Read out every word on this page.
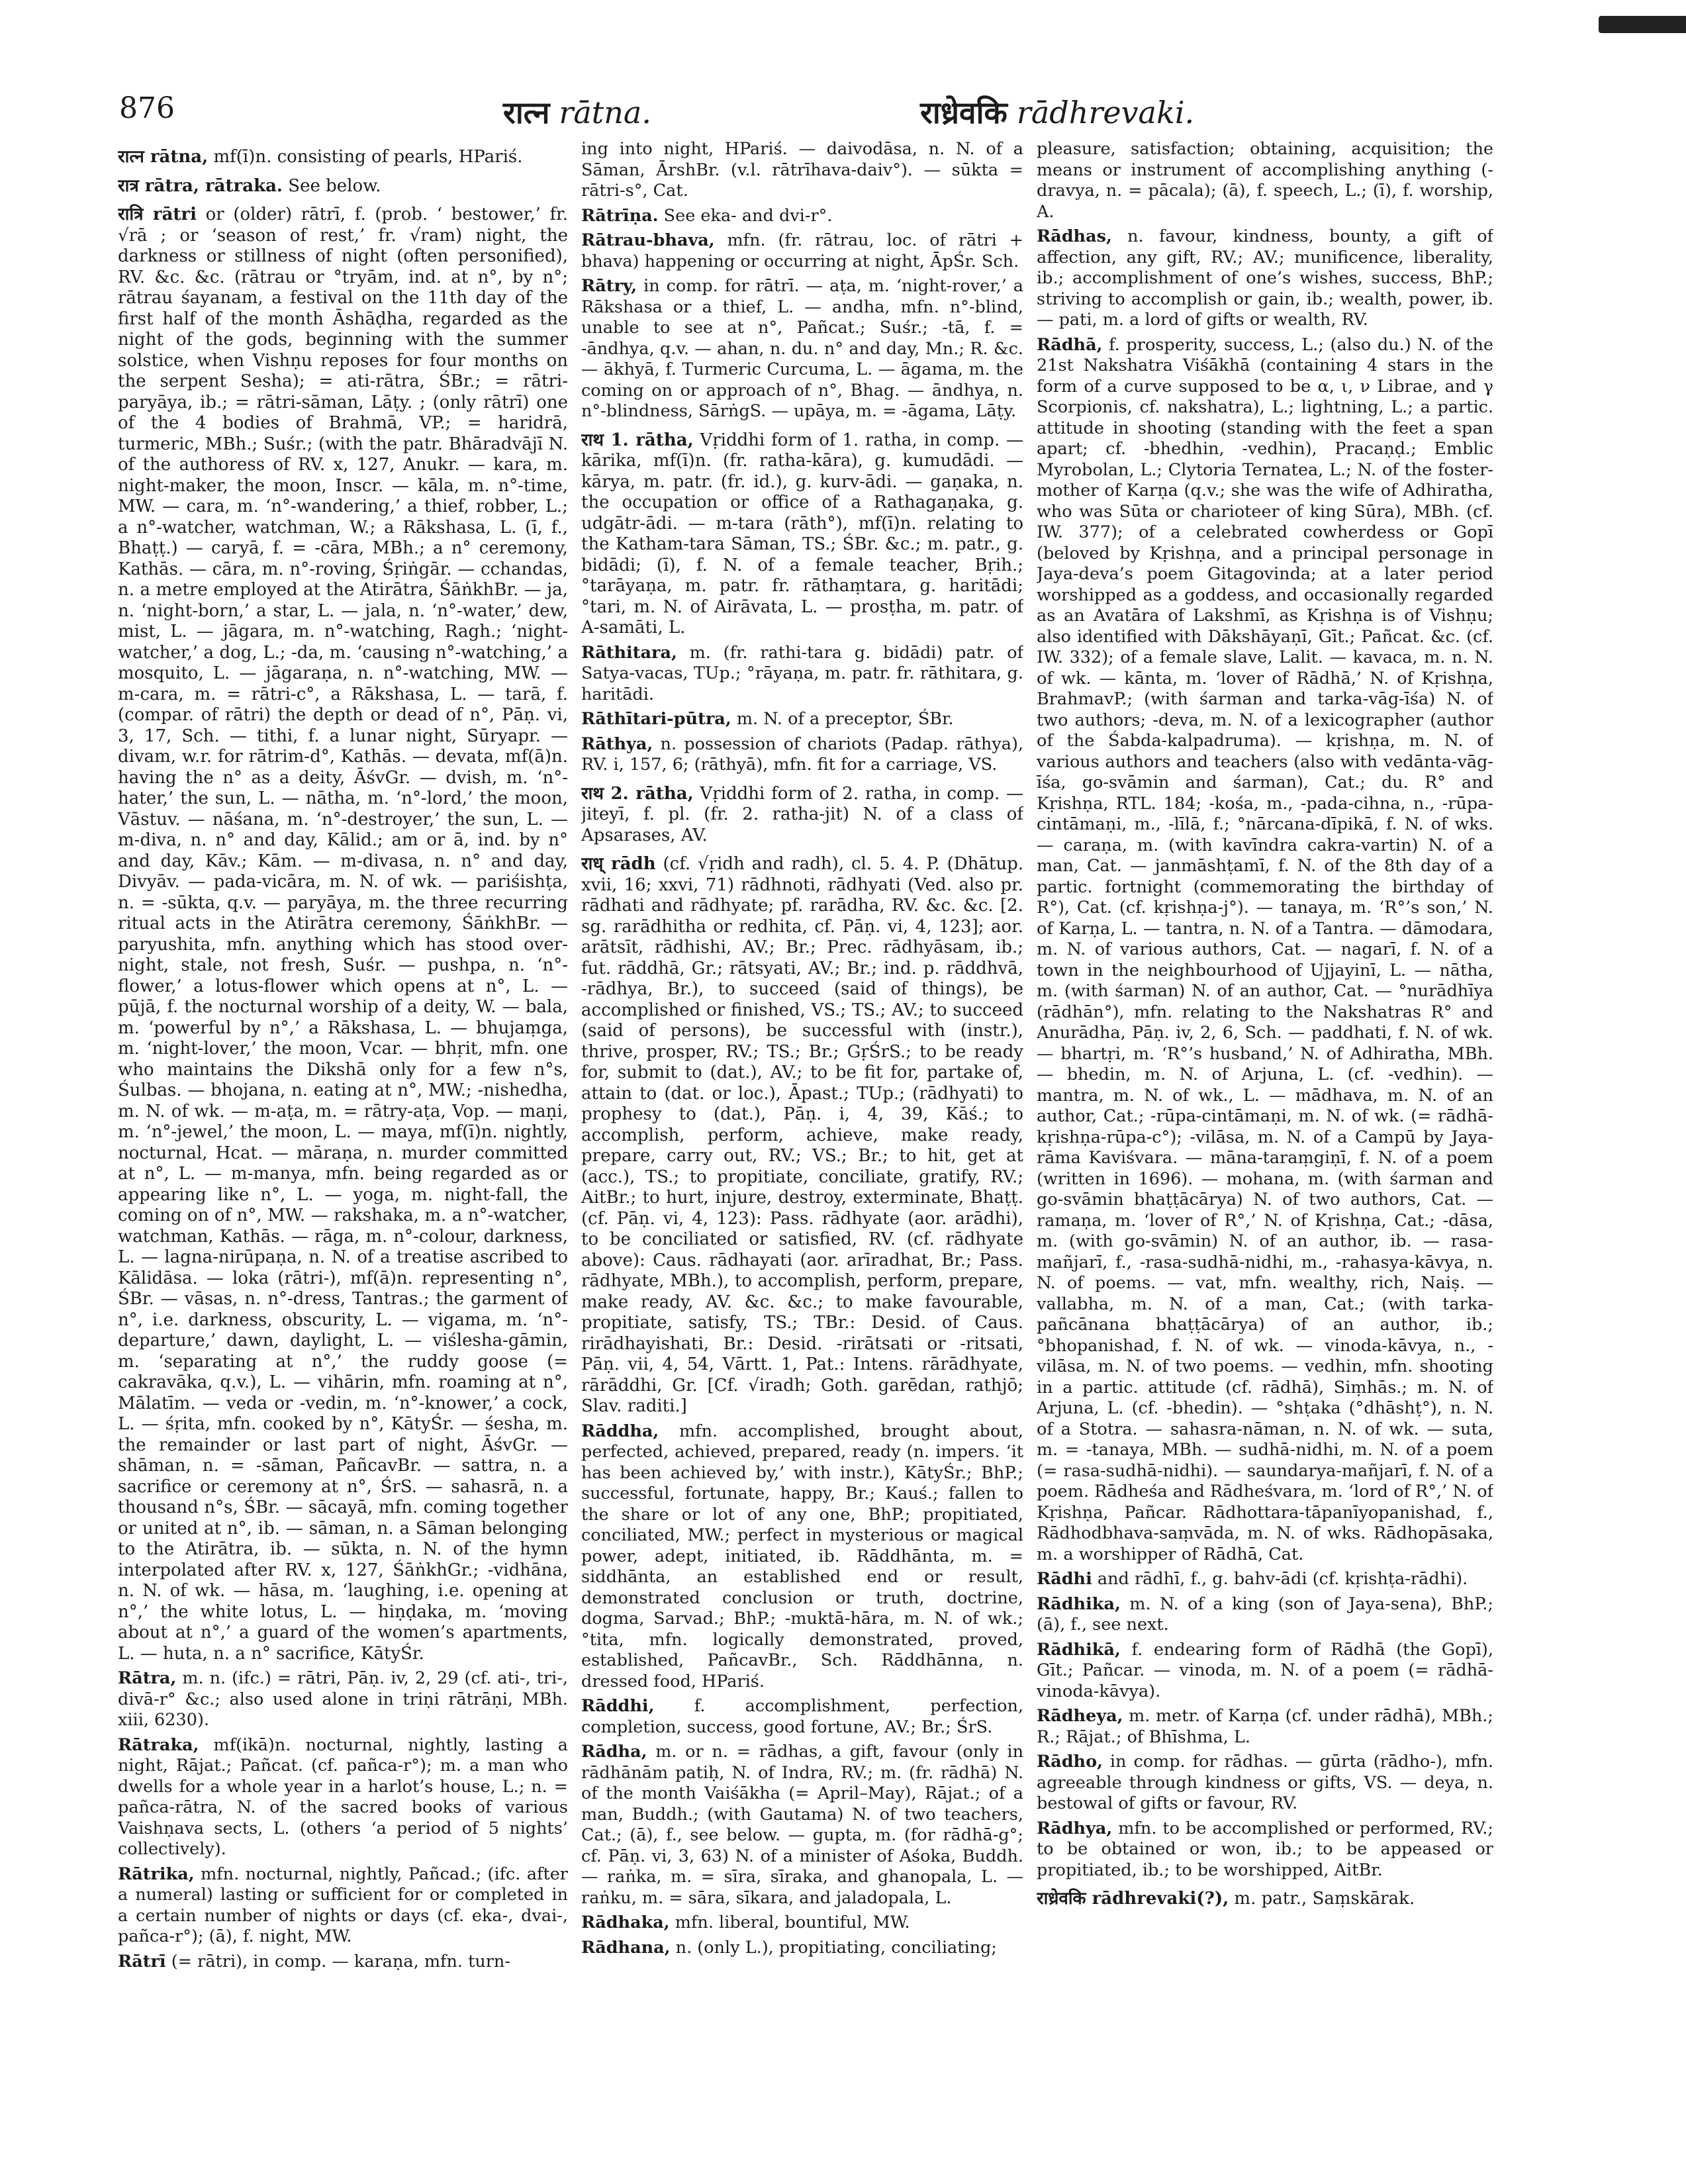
876	रात्न rātna.	राध्रेवकि rādhrevaki.

रात्न rātna, mf(ī)n. consisting of pearls, HPariś.

रात्र rātra, rātraka. See below.

रात्रि rātri or (older) rātrī, f. (prob. ‘ bestower,’ fr. √rā ; or ‘season of rest,’ fr. √ram) night, the darkness or stillness of night (often personified), RV. &c. &c. (rātrau or °tryām, ind. at n°, by n°; rātrau śayanam, a festival on the 11th day of the first half of the month Āshāḍha, regarded as the night of the gods, beginning with the summer solstice, when Vishṇu reposes for four months on the serpent Sesha); = ati-rātra, ŚBr.; = rātri-paryāya, ib.; = rātri-sāman, Lāṭy. ; (only rātrī) one of the 4 bodies of Brahmā, VP.; = haridrā, turmeric, MBh.; Suśr.; (with the patr. Bhāradvājī N. of the authoress of RV. x, 127, Anukr. — kara, m. night-maker, the moon, Inscr. — kāla, m. n°-time, MW. — cara, m. ‘n°-wandering,’ a thief, robber, L.; a n°-watcher, watchman, W.; a Rākshasa, L. (ī, f., Bhaṭṭ.) — caryā, f. = -cāra, MBh.; a n° ceremony, Kathās. — cāra, m. n°-roving, Śṛiṅgār. — cchandas, n. a metre employed at the Atirātra, ŚāṅkhBr. — ja, n. ‘night-born,’ a star, L. — jala, n. ‘n°-water,’ dew, mist, L. — jāgara, m. n°-watching, Ragh.; ‘night-watcher,’ a dog, L.; -da, m. ‘causing n°-watching,’ a mosquito, L. — jāgaraṇa, n. n°-watching, MW. — m-cara, m. = rātri-c°, a Rākshasa, L. — tarā, f. (compar. of rātri) the depth or dead of n°, Pāṇ. vi, 3, 17, Sch. — tithi, f. a lunar night, Sūryapr. — divam, w.r. for rātrim-d°, Kathās. — devata, mf(ā)n. having the n° as a deity, ĀśvGr. — dvish, m. ‘n°-hater,’ the sun, L. — nātha, m. ‘n°-lord,’ the moon, Vāstuv. — nāśana, m. ‘n°-destroyer,’ the sun, L. — m-diva, n. n° and day, Kālid.; am or ā, ind. by n° and day, Kāv.; Kām. — m-divasa, n. n° and day, Divyāv. — pada-vicāra, m. N. of wk. — pariśishṭa, n. = -sūkta, q.v. — paryāya, m. the three recurring ritual acts in the Atirātra ceremony, ŚāṅkhBr. — paryushita, mfn. anything which has stood over-night, stale, not fresh, Suśr. — pushpa, n. ‘n°-flower,’ a lotus-flower which opens at n°, L. — pūjā, f. the nocturnal worship of a deity, W. — bala, m. ‘powerful by n°,’ a Rākshasa, L. — bhujaṃga, m. ‘night-lover,’ the moon, Vcar. — bhṛit, mfn. one who maintains the Dikshā only for a few n°s, Śulbas. — bhojana, n. eating at n°, MW.; -nishedha, m. N. of wk. — m-aṭa, m. = rātry-aṭa, Vop. — maṇi, m. ‘n°-jewel,’ the moon, L. — maya, mf(ī)n. nightly, nocturnal, Hcat. — māraṇa, n. murder committed at n°, L. — m-manya, mfn. being regarded as or appearing like n°, L. — yoga, m. night-fall, the coming on of n°, MW. — rakshaka, m. a n°-watcher, watchman, Kathās. — rāga, m. n°-colour, darkness, L. — lagna-nirūpaṇa, n. N. of a treatise ascribed to Kālidāsa. — loka (rātri-), mf(ā)n. representing n°, ŚBr. — vāsas, n. n°-dress, Tantras.; the garment of n°, i.e. darkness, obscurity, L. — vigama, m. ‘n°-departure,’ dawn, daylight, L. — viślesha-gāmin, m. ‘separating at n°,’ the ruddy goose (= cakravāka, q.v.), L. — vihārin, mfn. roaming at n°, Mālatīm. — veda or -vedin, m. ‘n°-knower,’ a cock, L. — śṛita, mfn. cooked by n°, KātyŚr. — śesha, m. the remainder or last part of night, ĀśvGr. — shāman, n. = -sāman, PañcavBr. — sattra, n. a sacrifice or ceremony at n°, ŚrS. — sahasrā, n. a thousand n°s, ŚBr. — sācayā, mfn. coming together or united at n°, ib. — sāman, n. a Sāman belonging to the Atirātra, ib. — sūkta, n. N. of the hymn interpolated after RV. x, 127, ŚāṅkhGr.; -vidhāna, n. N. of wk. — hāsa, m. ‘laughing, i.e. opening at n°,’ the white lotus, L. — hiṇḍaka, m. ‘moving about at n°,’ a guard of the women’s apartments, L. — huta, n. a n° sacrifice, KātyŚr.

Rātra, m. n. (ifc.) = rātri, Pāṇ. iv, 2, 29 (cf. ati-, tri-, divā-r° &c.; also used alone in triṇi rātrāṇi, MBh. xiii, 6230).

Rātraka, mf(ikā)n. nocturnal, nightly, lasting a night, Rājat.; Pañcat. (cf. pañca-r°); m. a man who dwells for a whole year in a harlot’s house, L.; n. = pañca-rātra, N. of the sacred books of various Vaishṇava sects, L. (others ‘a period of 5 nights’ collectively).

Rātrika, mfn. nocturnal, nightly, Pañcad.; (ifc. after a numeral) lasting or sufficient for or completed in a certain number of nights or days (cf. eka-, dvai-, pañca-r°); (ā), f. night, MW.

Rātrī (= rātri), in comp. — karaṇa, mfn. turn-

ing into night, HPariś. — daivodāsa, n. N. of a Sāman, ĀrshBr. (v.l. rātrīhava-daiv°). — sūkta = rātri-s°, Cat.

Rātrīṇa. See eka- and dvi-r°.

Rātrau-bhava, mfn. (fr. rātrau, loc. of rātri + bhava) happening or occurring at night, ĀpŚr. Sch.

Rātry, in comp. for rātrī. — aṭa, m. ‘night-rover,’ a Rākshasa or a thief, L. — andha, mfn. n°-blind, unable to see at n°, Pañcat.; Suśr.; -tā, f. = -āndhya, q.v. — ahan, n. du. n° and day, Mn.; R. &c. — ākhyā, f. Turmeric Curcuma, L. — āgama, m. the coming on or approach of n°, Bhag. — āndhya, n. n°-blindness, SārṅgS. — upāya, m. = -āgama, Lāṭy.

राथ 1. rātha, Vṛiddhi form of 1. ratha, in comp. — kārika, mf(ī)n. (fr. ratha-kāra), g. kumudādi. — kārya, m. patr. (fr. id.), g. kurv-ādi. — gaṇaka, n. the occupation or office of a Rathagaṇaka, g. udgātr-ādi. — m-tara (rāth°), mf(ī)n. relating to the Katham-tara Sāman, TS.; ŚBr. &c.; m. patr., g. bidādi; (ī), f. N. of a female teacher, Bṛih.; °tarāyaṇa, m. patr. fr. rāthaṃtara, g. haritādi; °tari, m. N. of Airāvata, L. — prosṭha, m. patr. of A-samāti, L.

Rāthitara, m. (fr. rathi-tara g. bidādi) patr. of Satya-vacas, TUp.; °rāyaṇa, m. patr. fr. rāthitara, g. haritādi.

Rāthītari-pūtra, m. N. of a preceptor, ŚBr.

Rāthya, n. possession of chariots (Padap. rāthya), RV. i, 157, 6; (rāthyā), mfn. fit for a carriage, VS.

राथ 2. rātha, Vṛiddhi form of 2. ratha, in comp. — jiteyī, f. pl. (fr. 2. ratha-jit) N. of a class of Apsarases, AV.

राध् rādh (cf. √ṛidh and radh), cl. 5. 4. P. (Dhātup. xvii, 16; xxvi, 71) rādhnoti, rādhyati (Ved. also pr. rādhati and rādhyate; pf. rarādha, RV. &c. &c. [2. sg. rarādhitha or redhita, cf. Pāṇ. vi, 4, 123]; aor. arātsīt, rādhishi, AV.; Br.; Prec. rādhyāsam, ib.; fut. rāddhā, Gr.; rātsyati, AV.; Br.; ind. p. rāddhvā, -rādhya, Br.), to succeed (said of things), be accomplished or finished, VS.; TS.; AV.; to succeed (said of persons), be successful with (instr.), thrive, prosper, RV.; TS.; Br.; GṛŚrS.; to be ready for, submit to (dat.), AV.; to be fit for, partake of, attain to (dat. or loc.), Āpast.; TUp.; (rādhyati) to prophesy to (dat.), Pāṇ. i, 4, 39, Kāś.; to accomplish, perform, achieve, make ready, prepare, carry out, RV.; VS.; Br.; to hit, get at (acc.), TS.; to propitiate, conciliate, gratify, RV.; AitBr.; to hurt, injure, destroy, exterminate, Bhaṭṭ. (cf. Pāṇ. vi, 4, 123): Pass. rādhyate (aor. arādhi), to be conciliated or satisfied, RV. (cf. rādhyate above): Caus. rādhayati (aor. arīradhat, Br.; Pass. rādhyate, MBh.), to accomplish, perform, prepare, make ready, AV. &c. &c.; to make favourable, propitiate, satisfy, TS.; TBr.: Desid. of Caus. rirādhayishati, Br.: Desid. -rirātsati or -ritsati, Pāṇ. vii, 4, 54, Vārtt. 1, Pat.: Intens. rārādhyate, rārāddhi, Gr. [Cf. √iradh; Goth. garēdan, rathjō; Slav. raditi.]

Rāddha, mfn. accomplished, brought about, perfected, achieved, prepared, ready (n. impers. ‘it has been achieved by,’ with instr.), KātyŚr.; BhP.; successful, fortunate, happy, Br.; Kauś.; fallen to the share or lot of any one, BhP.; propitiated, conciliated, MW.; perfect in mysterious or magical power, adept, initiated, ib. Rāddhānta, m. = siddhānta, an established end or result, demonstrated conclusion or truth, doctrine, dogma, Sarvad.; BhP.; -muktā-hāra, m. N. of wk.; °tita, mfn. logically demonstrated, proved, established, PañcavBr., Sch. Rāddhānna, n. dressed food, HPariś.

Rāddhi, f. accomplishment, perfection, completion, success, good fortune, AV.; Br.; ŚrS.

Rādha, m. or n. = rādhas, a gift, favour (only in rādhānām patiḥ, N. of Indra, RV.; m. (fr. rādhā) N. of the month Vaiśākha (= April–May), Rājat.; of a man, Buddh.; (with Gautama) N. of two teachers, Cat.; (ā), f., see below. — gupta, m. (for rādhā-g°; cf. Pāṇ. vi, 3, 63) N. of a minister of Aśoka, Buddh. — raṅka, m. = sīra, sīraka, and ghanopala, L. — raṅku, m. = sāra, sīkara, and jaladopala, L.

Rādhaka, mfn. liberal, bountiful, MW.

Rādhana, n. (only L.), propitiating, conciliating;

pleasure, satisfaction; obtaining, acquisition; the means or instrument of accomplishing anything (-dravya, n. = pācala); (ā), f. speech, L.; (ī), f. worship, A.

Rādhas, n. favour, kindness, bounty, a gift of affection, any gift, RV.; AV.; munificence, liberality, ib.; accomplishment of one’s wishes, success, BhP.; striving to accomplish or gain, ib.; wealth, power, ib. — pati, m. a lord of gifts or wealth, RV.

Rādhā, f. prosperity, success, L.; (also du.) N. of the 21st Nakshatra Viśākhā (containing 4 stars in the form of a curve supposed to be α, ι, ν Librae, and γ Scorpionis, cf. nakshatra), L.; lightning, L.; a partic. attitude in shooting (standing with the feet a span apart; cf. -bhedhin, -vedhin), Pracaṇḍ.; Emblic Myrobolan, L.; Clytoria Ternatea, L.; N. of the foster-mother of Karṇa (q.v.; she was the wife of Adhiratha, who was Sūta or charioteer of king Sūra), MBh. (cf. IW. 377); of a celebrated cowherdess or Gopī (beloved by Kṛishṇa, and a principal personage in Jaya-deva’s poem Gitagovinda; at a later period worshipped as a goddess, and occasionally regarded as an Avatāra of Lakshmī, as Kṛishṇa is of Vishṇu; also identified with Dākshāyaṇī, Gīt.; Pañcat. &c. (cf. IW. 332); of a female slave, Lalit. — kavaca, m. n. N. of wk. — kānta, m. ‘lover of Rādhā,’ N. of Kṛishṇa, BrahmavP.; (with śarman and tarka-vāg-īśa) N. of two authors; -deva, m. N. of a lexicographer (author of the Śabda-kalpadruma). — kṛishṇa, m. N. of various authors and teachers (also with vedānta-vāg-īśa, go-svāmin and śarman), Cat.; du. R° and Kṛishṇa, RTL. 184; -kośa, m., -pada-cihna, n., -rūpa-cintāmaṇi, m., -līlā, f.; °nārcana-dīpikā, f. N. of wks. — caraṇa, m. (with kavīndra cakra-vartin) N. of a man, Cat. — janmāshṭamī, f. N. of the 8th day of a partic. fortnight (commemorating the birthday of R°), Cat. (cf. kṛishṇa-j°). — tanaya, m. ‘R°’s son,’ N. of Karṇa, L. — tantra, n. N. of a Tantra. — dāmodara, m. N. of various authors, Cat. — nagarī, f. N. of a town in the neighbourhood of Ujjayinī, L. — nātha, m. (with śarman) N. of an author, Cat. — °nurādhīya (rādhān°), mfn. relating to the Nakshatras R° and Anurādha, Pāṇ. iv, 2, 6, Sch. — paddhati, f. N. of wk. — bhartṛi, m. ‘R°’s husband,’ N. of Adhiratha, MBh. — bhedin, m. N. of Arjuna, L. (cf. -vedhin). — mantra, m. N. of wk., L. — mādhava, m. N. of an author, Cat.; -rūpa-cintāmaṇi, m. N. of wk. (= rādhā-kṛishṇa-rūpa-c°); -vilāsa, m. N. of a Campū by Jaya-rāma Kaviśvara. — māna-taraṃgiṇī, f. N. of a poem (written in 1696). — mohana, m. (with śarman and go-svāmin bhaṭṭācārya) N. of two authors, Cat. — ramaṇa, m. ‘lover of R°,’ N. of Kṛishṇa, Cat.; -dāsa, m. (with go-svāmin) N. of an author, ib. — rasa-mañjarī, f., -rasa-sudhā-nidhi, m., -rahasya-kāvya, n. N. of poems. — vat, mfn. wealthy, rich, Naiṣ. — vallabha, m. N. of a man, Cat.; (with tarka-pañcānana bhaṭṭācārya) of an author, ib.; °bhopanishad, f. N. of wk. — vinoda-kāvya, n., -vilāsa, m. N. of two poems. — vedhin, mfn. shooting in a partic. attitude (cf. rādhā), Siṃhās.; m. N. of Arjuna, L. (cf. -bhedin). — °shṭaka (°dhāshṭ°), n. N. of a Stotra. — sahasra-nāman, n. N. of wk. — suta, m. = -tanaya, MBh. — sudhā-nidhi, m. N. of a poem (= rasa-sudhā-nidhi). — saundarya-mañjarī, f. N. of a poem. Rādheśa and Rādheśvara, m. ‘lord of R°,’ N. of Kṛishṇa, Pañcar. Rādhottara-tāpanīyopanishad, f., Rādhodbhava-saṃvāda, m. N. of wks. Rādhopāsaka, m. a worshipper of Rādhā, Cat.

Rādhi and rādhī, f., g. bahv-ādi (cf. kṛishṭa-rādhi).

Rādhika, m. N. of a king (son of Jaya-sena), BhP.; (ā), f., see next.

Rādhikā, f. endearing form of Rādhā (the Gopī), Gīt.; Pañcar. — vinoda, m. N. of a poem (= rādhā-vinoda-kāvya).

Rādheya, m. metr. of Karṇa (cf. under rādhā), MBh.; R.; Rājat.; of Bhīshma, L.

Rādho, in comp. for rādhas. — gūrta (rādho-), mfn. agreeable through kindness or gifts, VS. — deya, n. bestowal of gifts or favour, RV.

Rādhya, mfn. to be accomplished or performed, RV.; to be obtained or won, ib.; to be appeased or propitiated, ib.; to be worshipped, AitBr.

राध्रेवकि rādhrevaki(?), m. patr., Saṃskārak.
